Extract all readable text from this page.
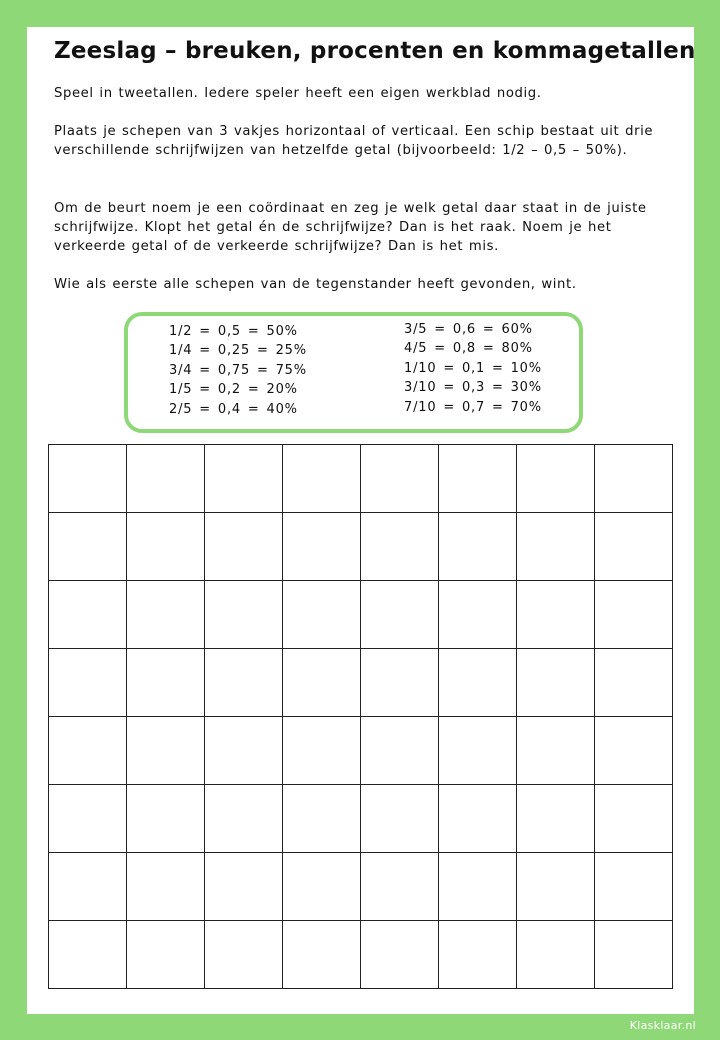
Zeeslag – breuken, procenten en kommagetallen
Speel in tweetallen. Iedere speler heeft een eigen werkblad nodig.
Plaats je schepen van 3 vakjes horizontaal of verticaal. Een schip bestaat uit drie verschillende schrijfwijzen van hetzelfde getal (bijvoorbeeld: 1/2 – 0,5 – 50%).
Om de beurt noem je een coördinaat en zeg je welk getal daar staat in de juiste schrijfwijze. Klopt het getal én de schrijfwijze? Dan is het raak. Noem je het verkeerde getal of de verkeerde schrijfwijze? Dan is het mis.
Wie als eerste alle schepen van de tegenstander heeft gevonden, wint.
1/2 = 0,5 = 50%
1/4 = 0,25 = 25%
3/4 = 0,75 = 75%
1/5 = 0,2 = 20%
2/5 = 0,4 = 40%
3/5 = 0,6 = 60%
4/5 = 0,8 = 80%
1/10 = 0,1 = 10%
3/10 = 0,3 = 30%
7/10 = 0,7 = 70%

Klasklaar.nl
